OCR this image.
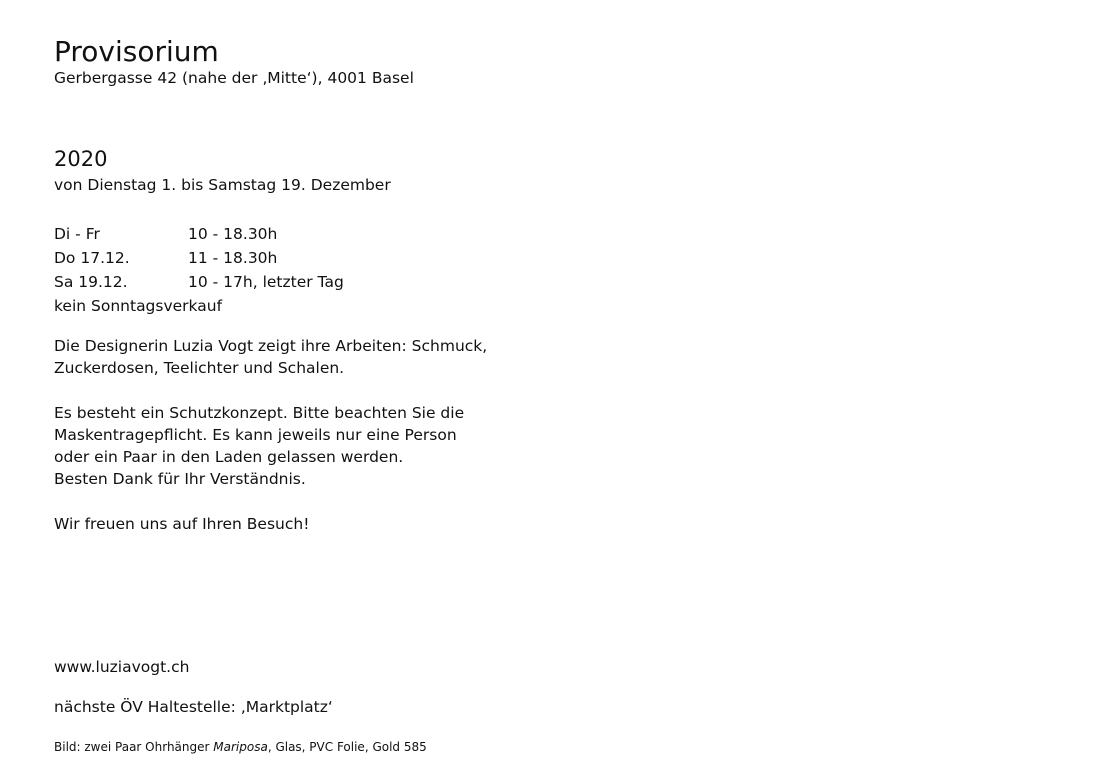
Provisorium
Gerbergasse 42 (nahe der ‚Mitte‘), 4001 Basel
2020
von Dienstag 1. bis Samstag 19. Dezember
Di - Fr	10 - 18.30h
Do 17.12.	11 - 18.30h
Sa 19.12.	10 - 17h, letzter Tag
kein Sonntagsverkauf
Die Designerin Luzia Vogt zeigt ihre Arbeiten: Schmuck,
Zuckerdosen, Teelichter und Schalen.
Es besteht ein Schutzkonzept. Bitte beachten Sie die
Maskentragepflicht. Es kann jeweils nur eine Person
oder ein Paar in den Laden gelassen werden.
Besten Dank für Ihr Verständnis.
Wir freuen uns auf Ihren Besuch!
www.luziavogt.ch
nächste ÖV Haltestelle: ‚Marktplatz‘
Bild: zwei Paar Ohrhänger Mariposa, Glas, PVC Folie, Gold 585
